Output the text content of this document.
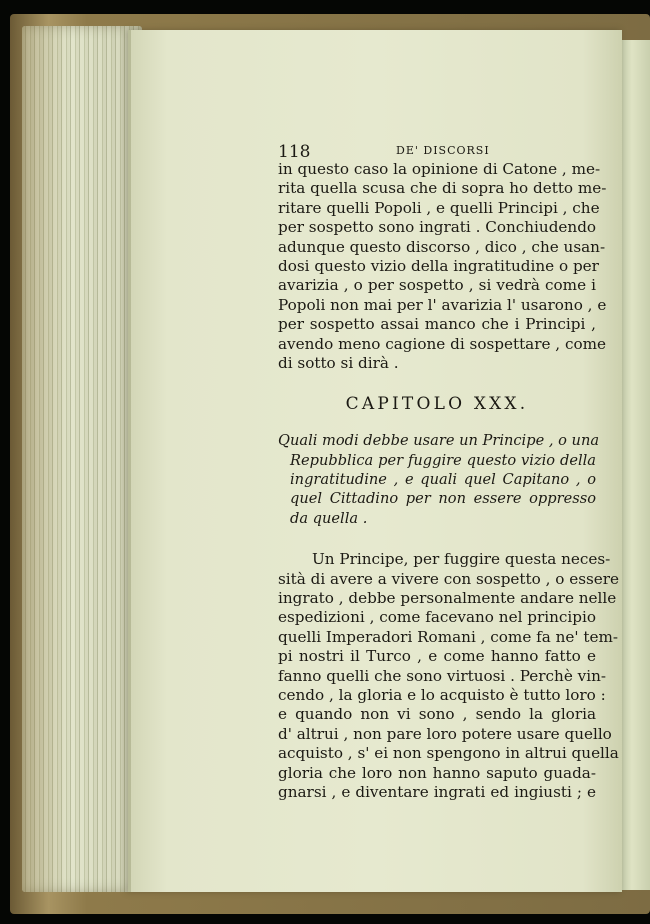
118	DE' DISCORSI
in questo caso la opinione di Catone , me-
rita quella scusa che di sopra ho detto me-
ritare quelli Popoli , e quelli Principi , che
per sospetto sono ingrati . Conchiudendo
adunque questo discorso , dico , che usan-
dosi questo vizio della ingratitudine o per
avarizia , o per sospetto , si vedrà come i
Popoli non mai per l' avarizia l' usarono , e
per sospetto assai manco che i Principi ,
avendo meno cagione di sospettare , come
di sotto si dirà .
CAPITOLO XXX.
Quali modi debbe usare un Principe , o una
Repubblica per fuggire questo vizio della
ingratitudine , e quali quel Capitano , o
quel Cittadino per non essere oppresso
da quella .
Un Principe, per fuggire questa neces-
sità di avere a vivere con sospetto , o essere
ingrato , debbe personalmente andare nelle
espedizioni , come facevano nel principio
quelli Imperadori Romani , come fa ne' tem-
pi nostri il Turco , e come hanno fatto e
fanno quelli che sono virtuosi . Perchè vin-
cendo , la gloria e lo acquisto è tutto loro :
e quando non vi sono , sendo la gloria
d' altrui , non pare loro potere usare quello
acquisto , s' ei non spengono in altrui quella
gloria che loro non hanno saputo guada-
gnarsi , e diventare ingrati ed ingiusti ; e
